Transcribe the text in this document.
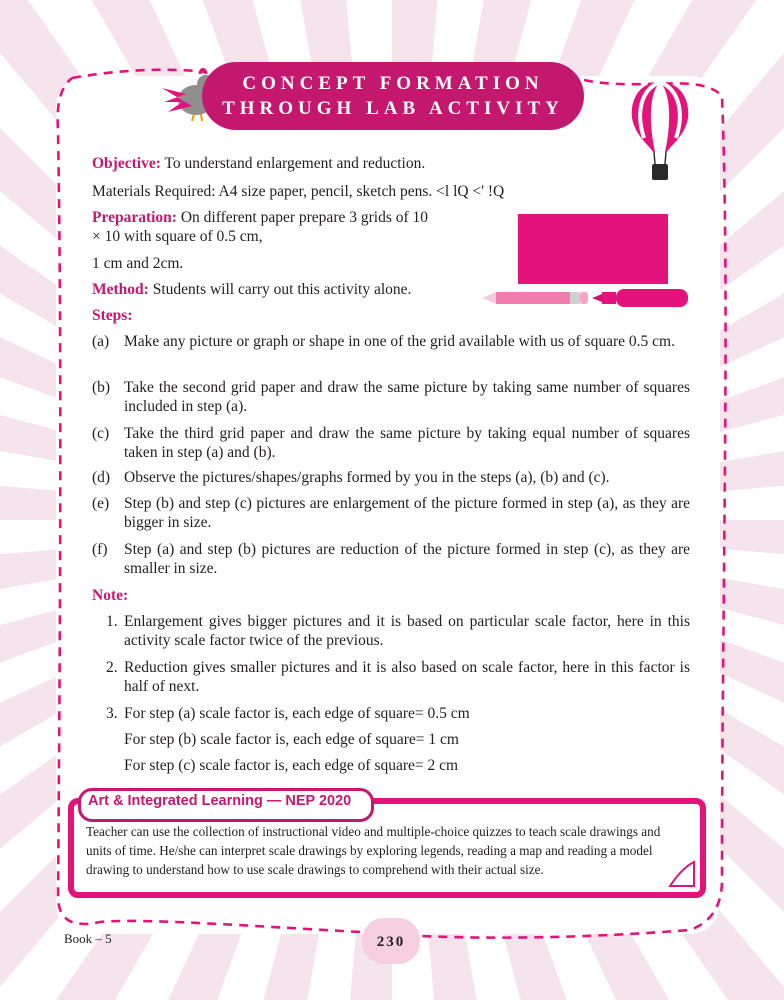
CONCEPT FORMATION
THROUGH LAB ACTIVITY

Objective: To understand enlargement and reduction.

Materials Required: A4 size paper, pencil, sketch pens. <l lQ <' !Q

Preparation: On different paper prepare 3 grids of 10

× 10 with square of 0.5 cm,

1 cm and 2cm.

Method: Students will carry out this activity alone.

Steps:

(a) Make any picture or graph or shape in one of the grid available with us of square 0.5 cm.
(b) Take the second grid paper and draw the same picture by taking same number of squares included in step (a).
(c) Take the third grid paper and draw the same picture by taking equal number of squares taken in step (a) and (b).
(d) Observe the pictures/shapes/graphs formed by you in the steps (a), (b) and (c).
(e) Step (b) and step (c) pictures are enlargement of the picture formed in step (a), as they are bigger in size.
(f) Step (a) and step (b) pictures are reduction of the picture formed in step (c), as they are smaller in size.

Note:

1. Enlargement gives bigger pictures and it is based on particular scale factor, here in this activity scale factor twice of the previous.
2. Reduction gives smaller pictures and it is also based on scale factor, here in this factor is half of next.
3. For step (a) scale factor is, each edge of square= 0.5 cm

For step (b) scale factor is, each edge of square= 1 cm

For step (c) scale factor is, each edge of square= 2 cm

Art & Integrated Learning — NEP 2020

Teacher can use the collection of instructional video and multiple-choice quizzes to teach scale drawings and units of time. He/she can interpret scale drawings by exploring legends, reading a map and reading a model drawing to understand how to use scale drawings to comprehend with their actual size.

Book – 5	230
